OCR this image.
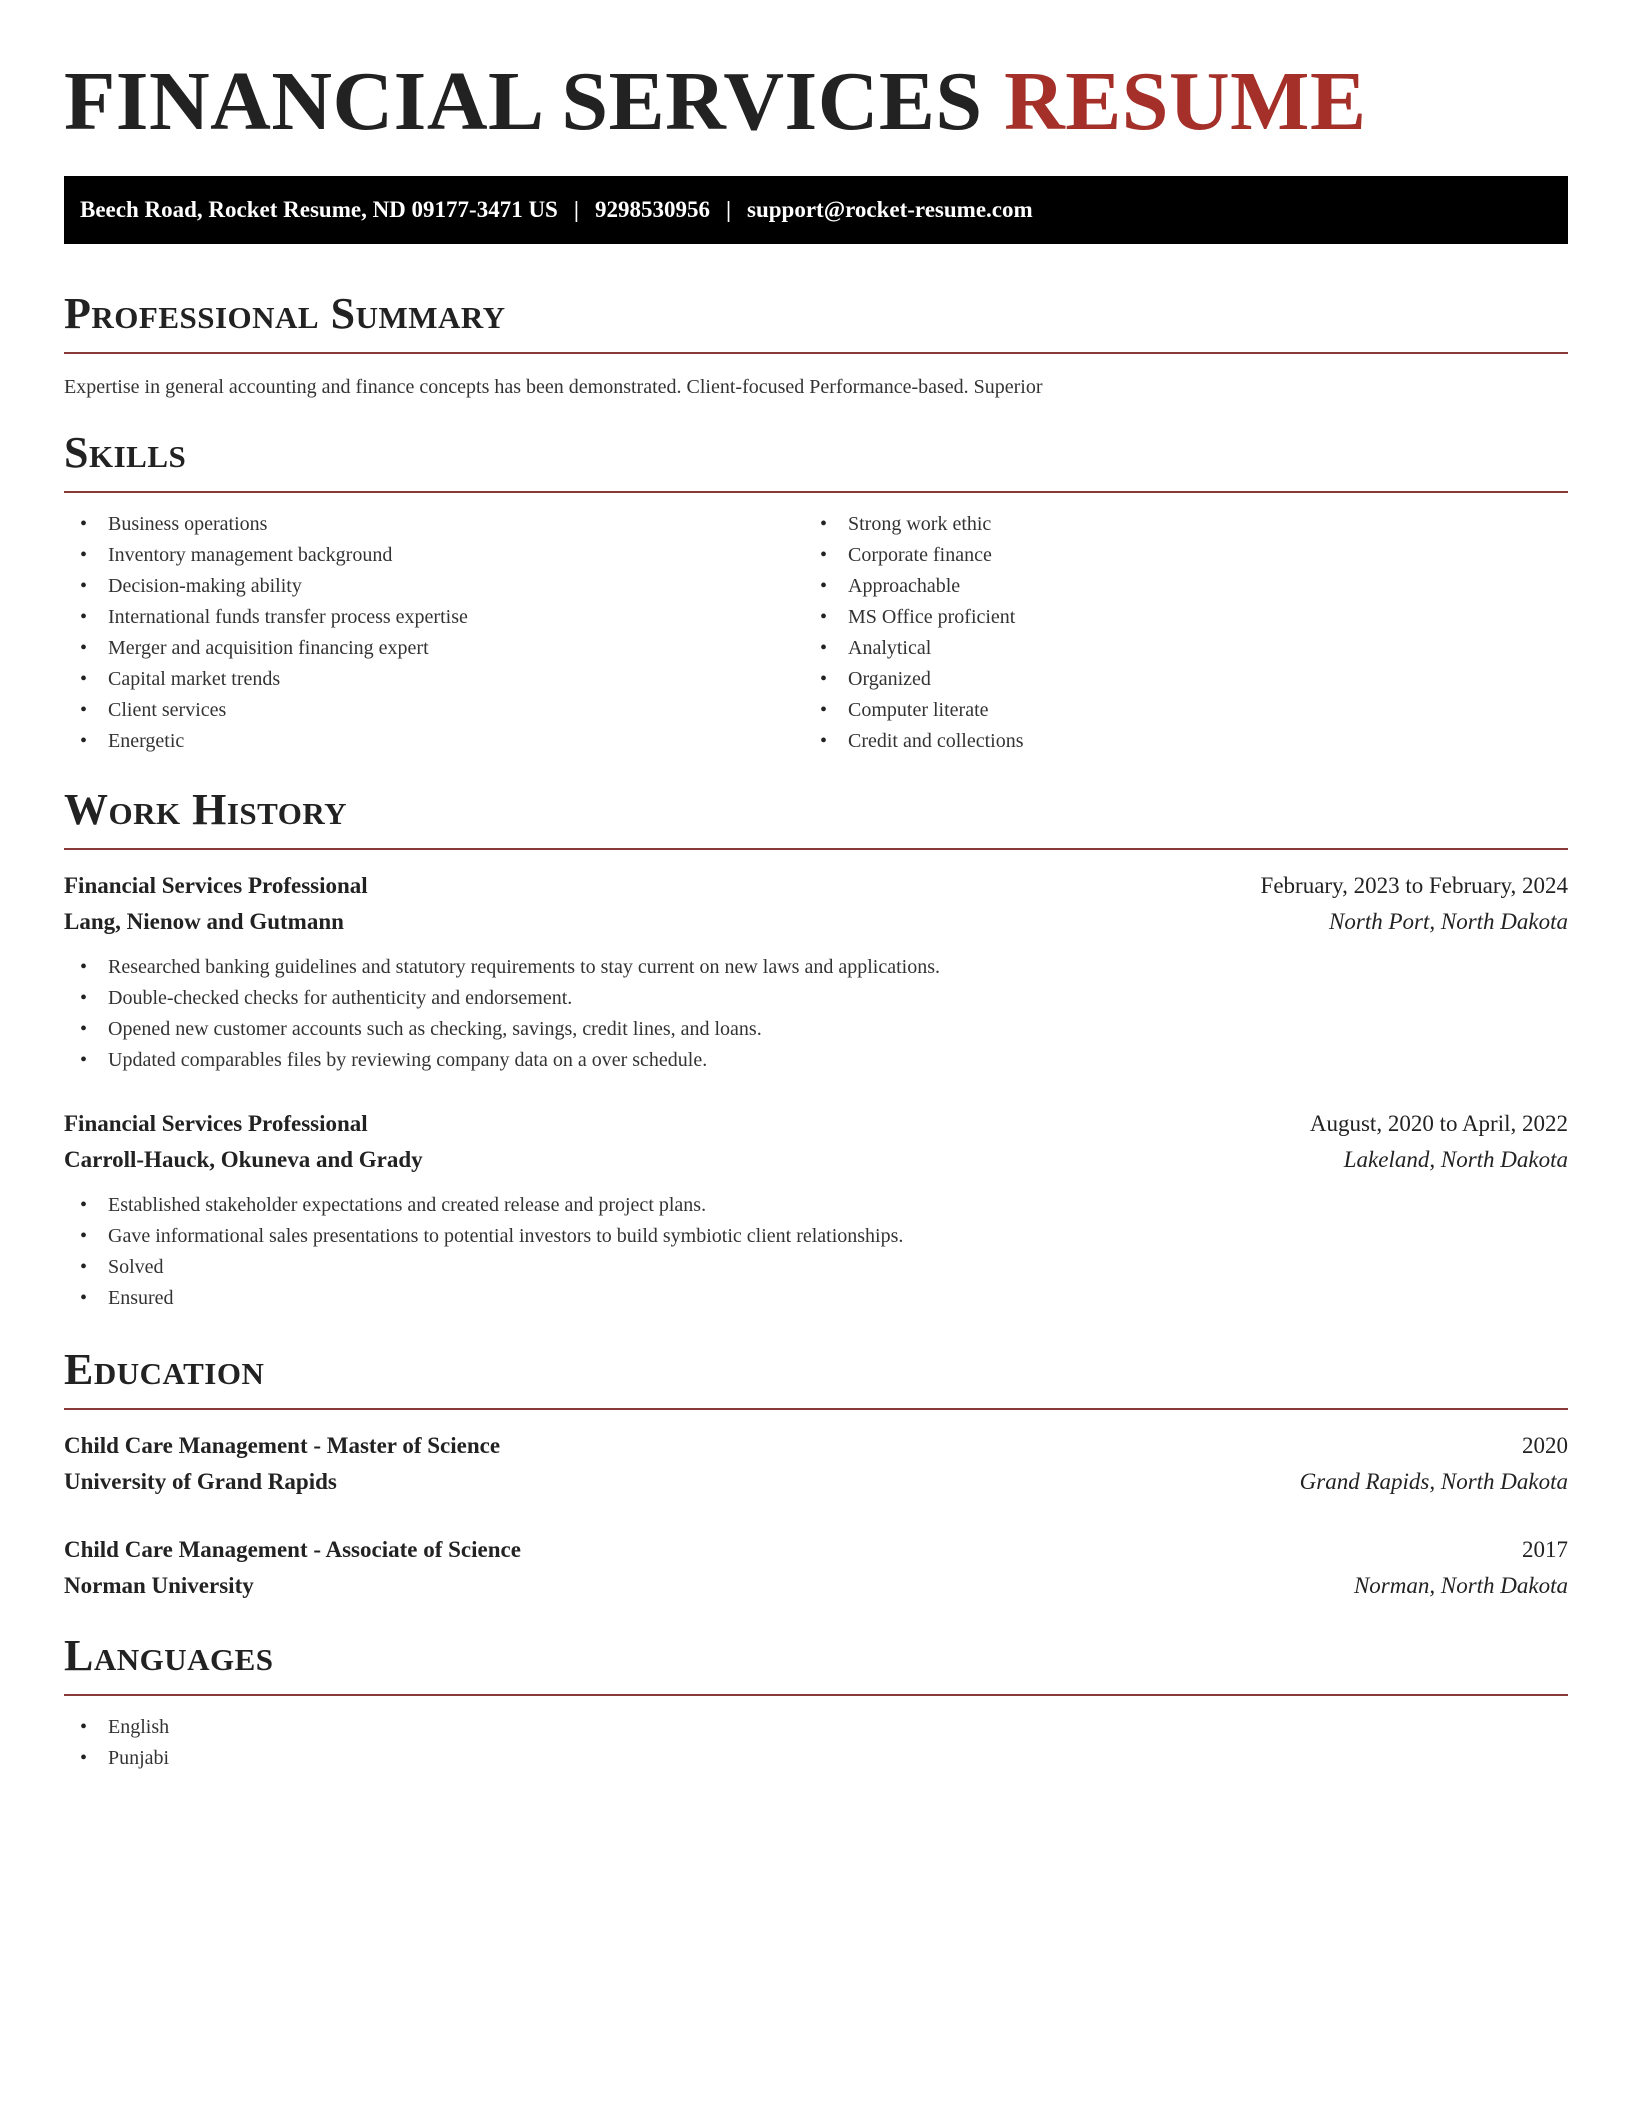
FINANCIAL SERVICES RESUME
Beech Road, Rocket Resume, ND 09177-3471 US | 9298530956 | support@rocket-resume.com
Professional Summary

Expertise in general accounting and finance concepts has been demonstrated. Client-focused Performance-based. Superior

Skills
• Business operations
• Inventory management background
• Decision-making ability
• International funds transfer process expertise
• Merger and acquisition financing expert
• Capital market trends
• Client services
• Energetic
• Strong work ethic
• Corporate finance
• Approachable
• MS Office proficient
• Analytical
• Organized
• Computer literate
• Credit and collections
Work History
Financial Services Professional	February, 2023 to February, 2024
Lang, Nienow and Gutmann	North Port, North Dakota
• Researched banking guidelines and statutory requirements to stay current on new laws and applications.
• Double-checked checks for authenticity and endorsement.
• Opened new customer accounts such as checking, savings, credit lines, and loans.
• Updated comparables files by reviewing company data on a over schedule.
Financial Services Professional	August, 2020 to April, 2022
Carroll-Hauck, Okuneva and Grady	Lakeland, North Dakota
• Established stakeholder expectations and created release and project plans.
• Gave informational sales presentations to potential investors to build symbiotic client relationships.
• Solved
• Ensured
Education
Child Care Management - Master of Science	2020
University of Grand Rapids	Grand Rapids, North Dakota
Child Care Management - Associate of Science	2017
Norman University	Norman, North Dakota
Languages
• English
• Punjabi
